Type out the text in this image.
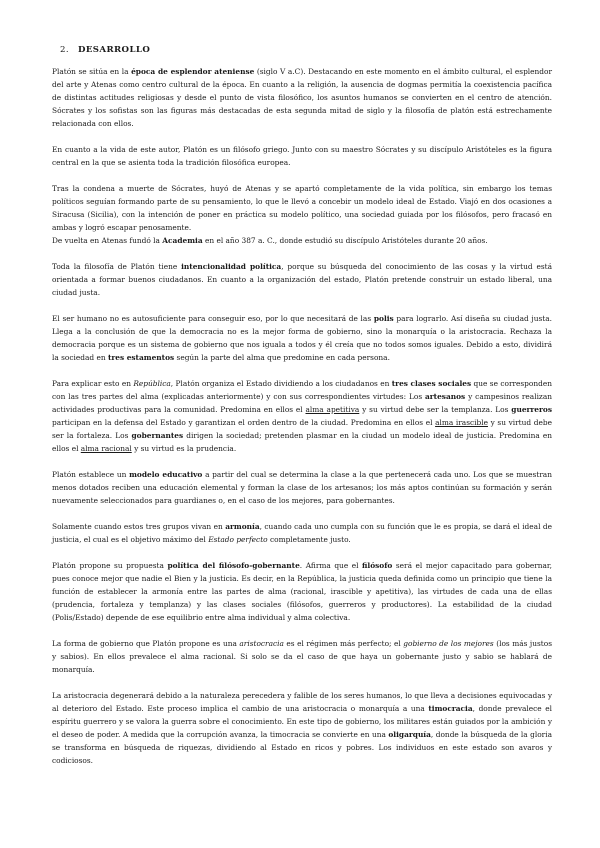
2. DESARROLLO

Platón se sitúa en la época de esplendor ateniense (siglo V a.C). Destacando en este momento en el ámbito cultural, el esplendor del arte y Atenas como centro cultural de la época. En cuanto a la religión, la ausencia de dogmas permitía la coexistencia pacífica de distintas actitudes religiosas y desde el punto de vista filosófico, los asuntos humanos se convierten en el centro de atención. Sócrates y los sofistas son las figuras más destacadas de esta segunda mitad de siglo y la filosofía de platón está estrechamente relacionada con ellos.

En cuanto a la vida de este autor, Platón es un filósofo griego. Junto con su maestro Sócrates y su discípulo Aristóteles es la figura central en la que se asienta toda la tradición filosófica europea.

Tras la condena a muerte de Sócrates, huyó de Atenas y se apartó completamente de la vida política, sin embargo los temas políticos seguían formando parte de su pensamiento, lo que le llevó a concebir un modelo ideal de Estado. Viajó en dos ocasiones a Siracusa (Sicilia), con la intención de poner en práctica su modelo político, una sociedad guiada por los filósofos, pero fracasó en ambas y logró escapar penosamente.
De vuelta en Atenas fundó la Academia en el año 387 a. C., donde estudió su discípulo Aristóteles durante 20 años.

Toda la filosofía de Platón tiene intencionalidad política, porque su búsqueda del conocimiento de las cosas y la virtud está orientada a formar buenos ciudadanos. En cuanto a la organización del estado, Platón pretende construir un estado liberal, una ciudad justa.

El ser humano no es autosuficiente para conseguir eso, por lo que necesitará de las polis para lograrlo. Así diseña su ciudad justa. Llega a la conclusión de que la democracia no es la mejor forma de gobierno, sino la monarquía o la aristocracia. Rechaza la democracia porque es un sistema de gobierno que nos iguala a todos y él creía que no todos somos iguales. Debido a esto, dividirá la sociedad en tres estamentos según la parte del alma que predomine en cada persona.

Para explicar esto en República, Platón organiza el Estado dividiendo a los ciudadanos en tres clases sociales que se corresponden con las tres partes del alma (explicadas anteriormente) y con sus correspondientes virtudes: Los artesanos y campesinos realizan actividades productivas para la comunidad. Predomina en ellos el alma apetitiva y su virtud debe ser la templanza. Los guerreros participan en la defensa del Estado y garantizan el orden dentro de la ciudad. Predomina en ellos el alma irascible y su virtud debe ser la fortaleza. Los gobernantes dirigen la sociedad; pretenden plasmar en la ciudad un modelo ideal de justicia. Predomina en ellos el alma racional y su virtud es la prudencia.

Platón establece un modelo educativo a partir del cual se determina la clase a la que pertenecerá cada uno. Los que se muestran menos dotados reciben una educación elemental y forman la clase de los artesanos; los más aptos continúan su formación y serán nuevamente seleccionados para guardianes o, en el caso de los mejores, para gobernantes.

Solamente cuando estos tres grupos vivan en armonía, cuando cada uno cumpla con su función que le es propia, se dará el ideal de justicia, el cual es el objetivo máximo del Estado perfecto completamente justo.

Platón propone su propuesta política del filósofo-gobernante. Afirma que el filósofo será el mejor capacitado para gobernar, pues conoce mejor que nadie el Bien y la justicia. Es decir, en la República, la justicia queda definida como un principio que tiene la función de establecer la armonía entre las partes de alma (racional, irascible y apetitiva), las virtudes de cada una de ellas (prudencia, fortaleza y templanza) y las clases sociales (filósofos, guerreros y productores). La estabilidad de la ciudad (Polis/Estado) depende de ese equilibrio entre alma individual y alma colectiva.

La forma de gobierno que Platón propone es una aristocracia es el régimen más perfecto; el gobierno de los mejores (los más justos y sabios). En ellos prevalece el alma racional. Si solo se da el caso de que haya un gobernante justo y sabio se hablará de monarquía.

La aristocracia degenerará debido a la naturaleza perecedera y falible de los seres humanos, lo que lleva a decisiones equivocadas y al deterioro del Estado. Este proceso implica el cambio de una aristocracia o monarquía a una timocracia, donde prevalece el espíritu guerrero y se valora la guerra sobre el conocimiento. En este tipo de gobierno, los militares están guiados por la ambición y el deseo de poder. A medida que la corrupción avanza, la timocracia se convierte en una oligarquía, donde la búsqueda de la gloria se transforma en búsqueda de riquezas, dividiendo al Estado en ricos y pobres. Los individuos en este estado son avaros y codiciosos.
